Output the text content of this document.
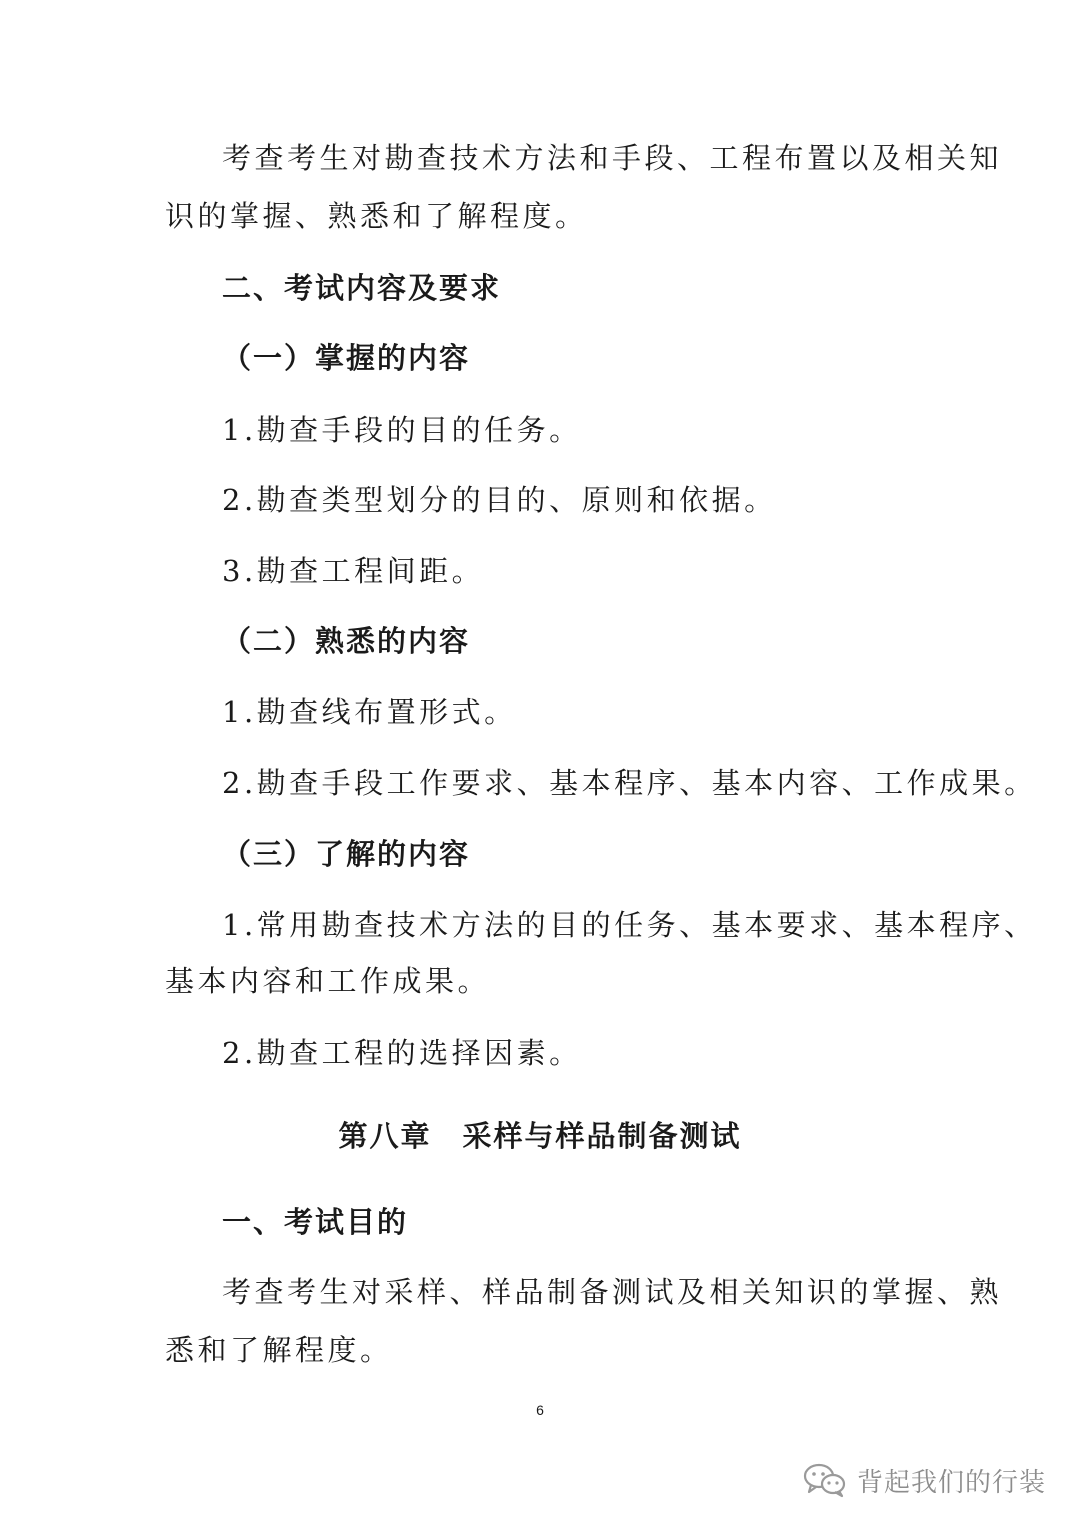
考查考生对勘查技术方法和手段、工程布置以及相关知

识的掌握、熟悉和了解程度。

二、考试内容及要求

（一）掌握的内容

1.勘查手段的目的任务。

2.勘查类型划分的目的、原则和依据。

3.勘查工程间距。

（二）熟悉的内容

1.勘查线布置形式。

2.勘查手段工作要求、基本程序、基本内容、工作成果。

（三）了解的内容

1.常用勘查技术方法的目的任务、基本要求、基本程序、

基本内容和工作成果。

2.勘查工程的选择因素。

第八章　采样与样品制备测试

一、考试目的

考查考生对采样、样品制备测试及相关知识的掌握、熟

悉和了解程度。

6
背起我们的行装
